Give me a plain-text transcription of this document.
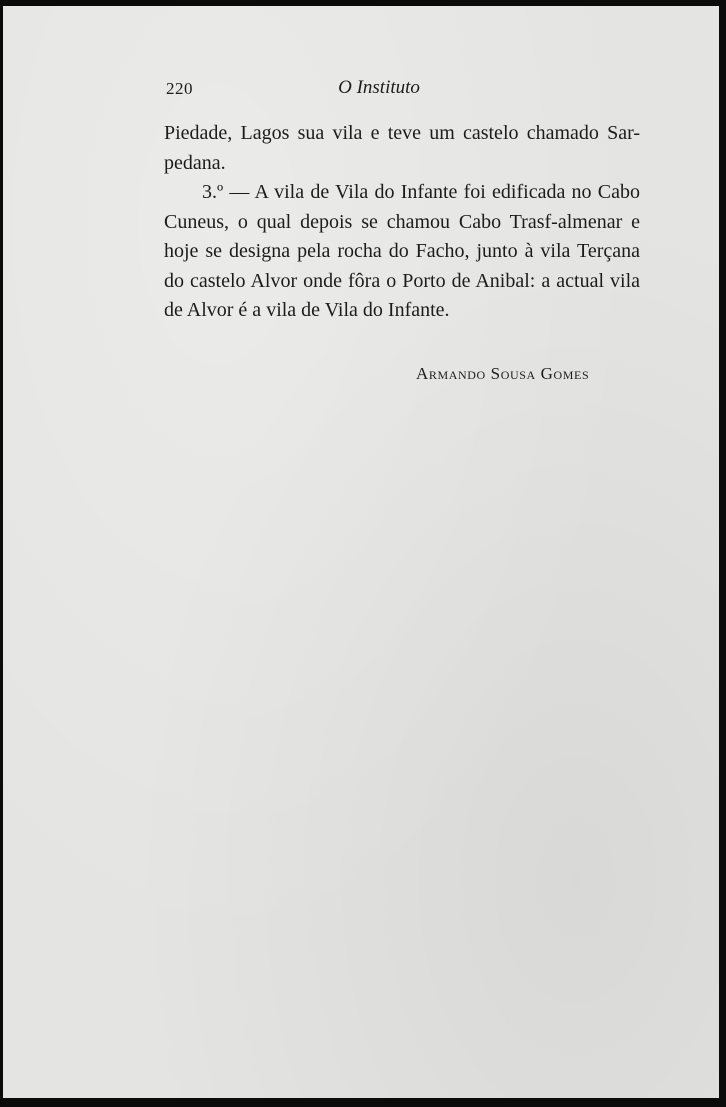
220	O Instituto

Piedade, Lagos sua vila e teve um castelo chamado Sar-pedana.

3.º — A vila de Vila do Infante foi edificada no Cabo Cuneus, o qual depois se chamou Cabo Trasf-almenar e hoje se designa pela rocha do Facho, junto à vila Terçana do castelo Alvor onde fôra o Porto de Anibal: a actual vila de Alvor é a vila de Vila do Infante.

Armando Sousa Gomes
